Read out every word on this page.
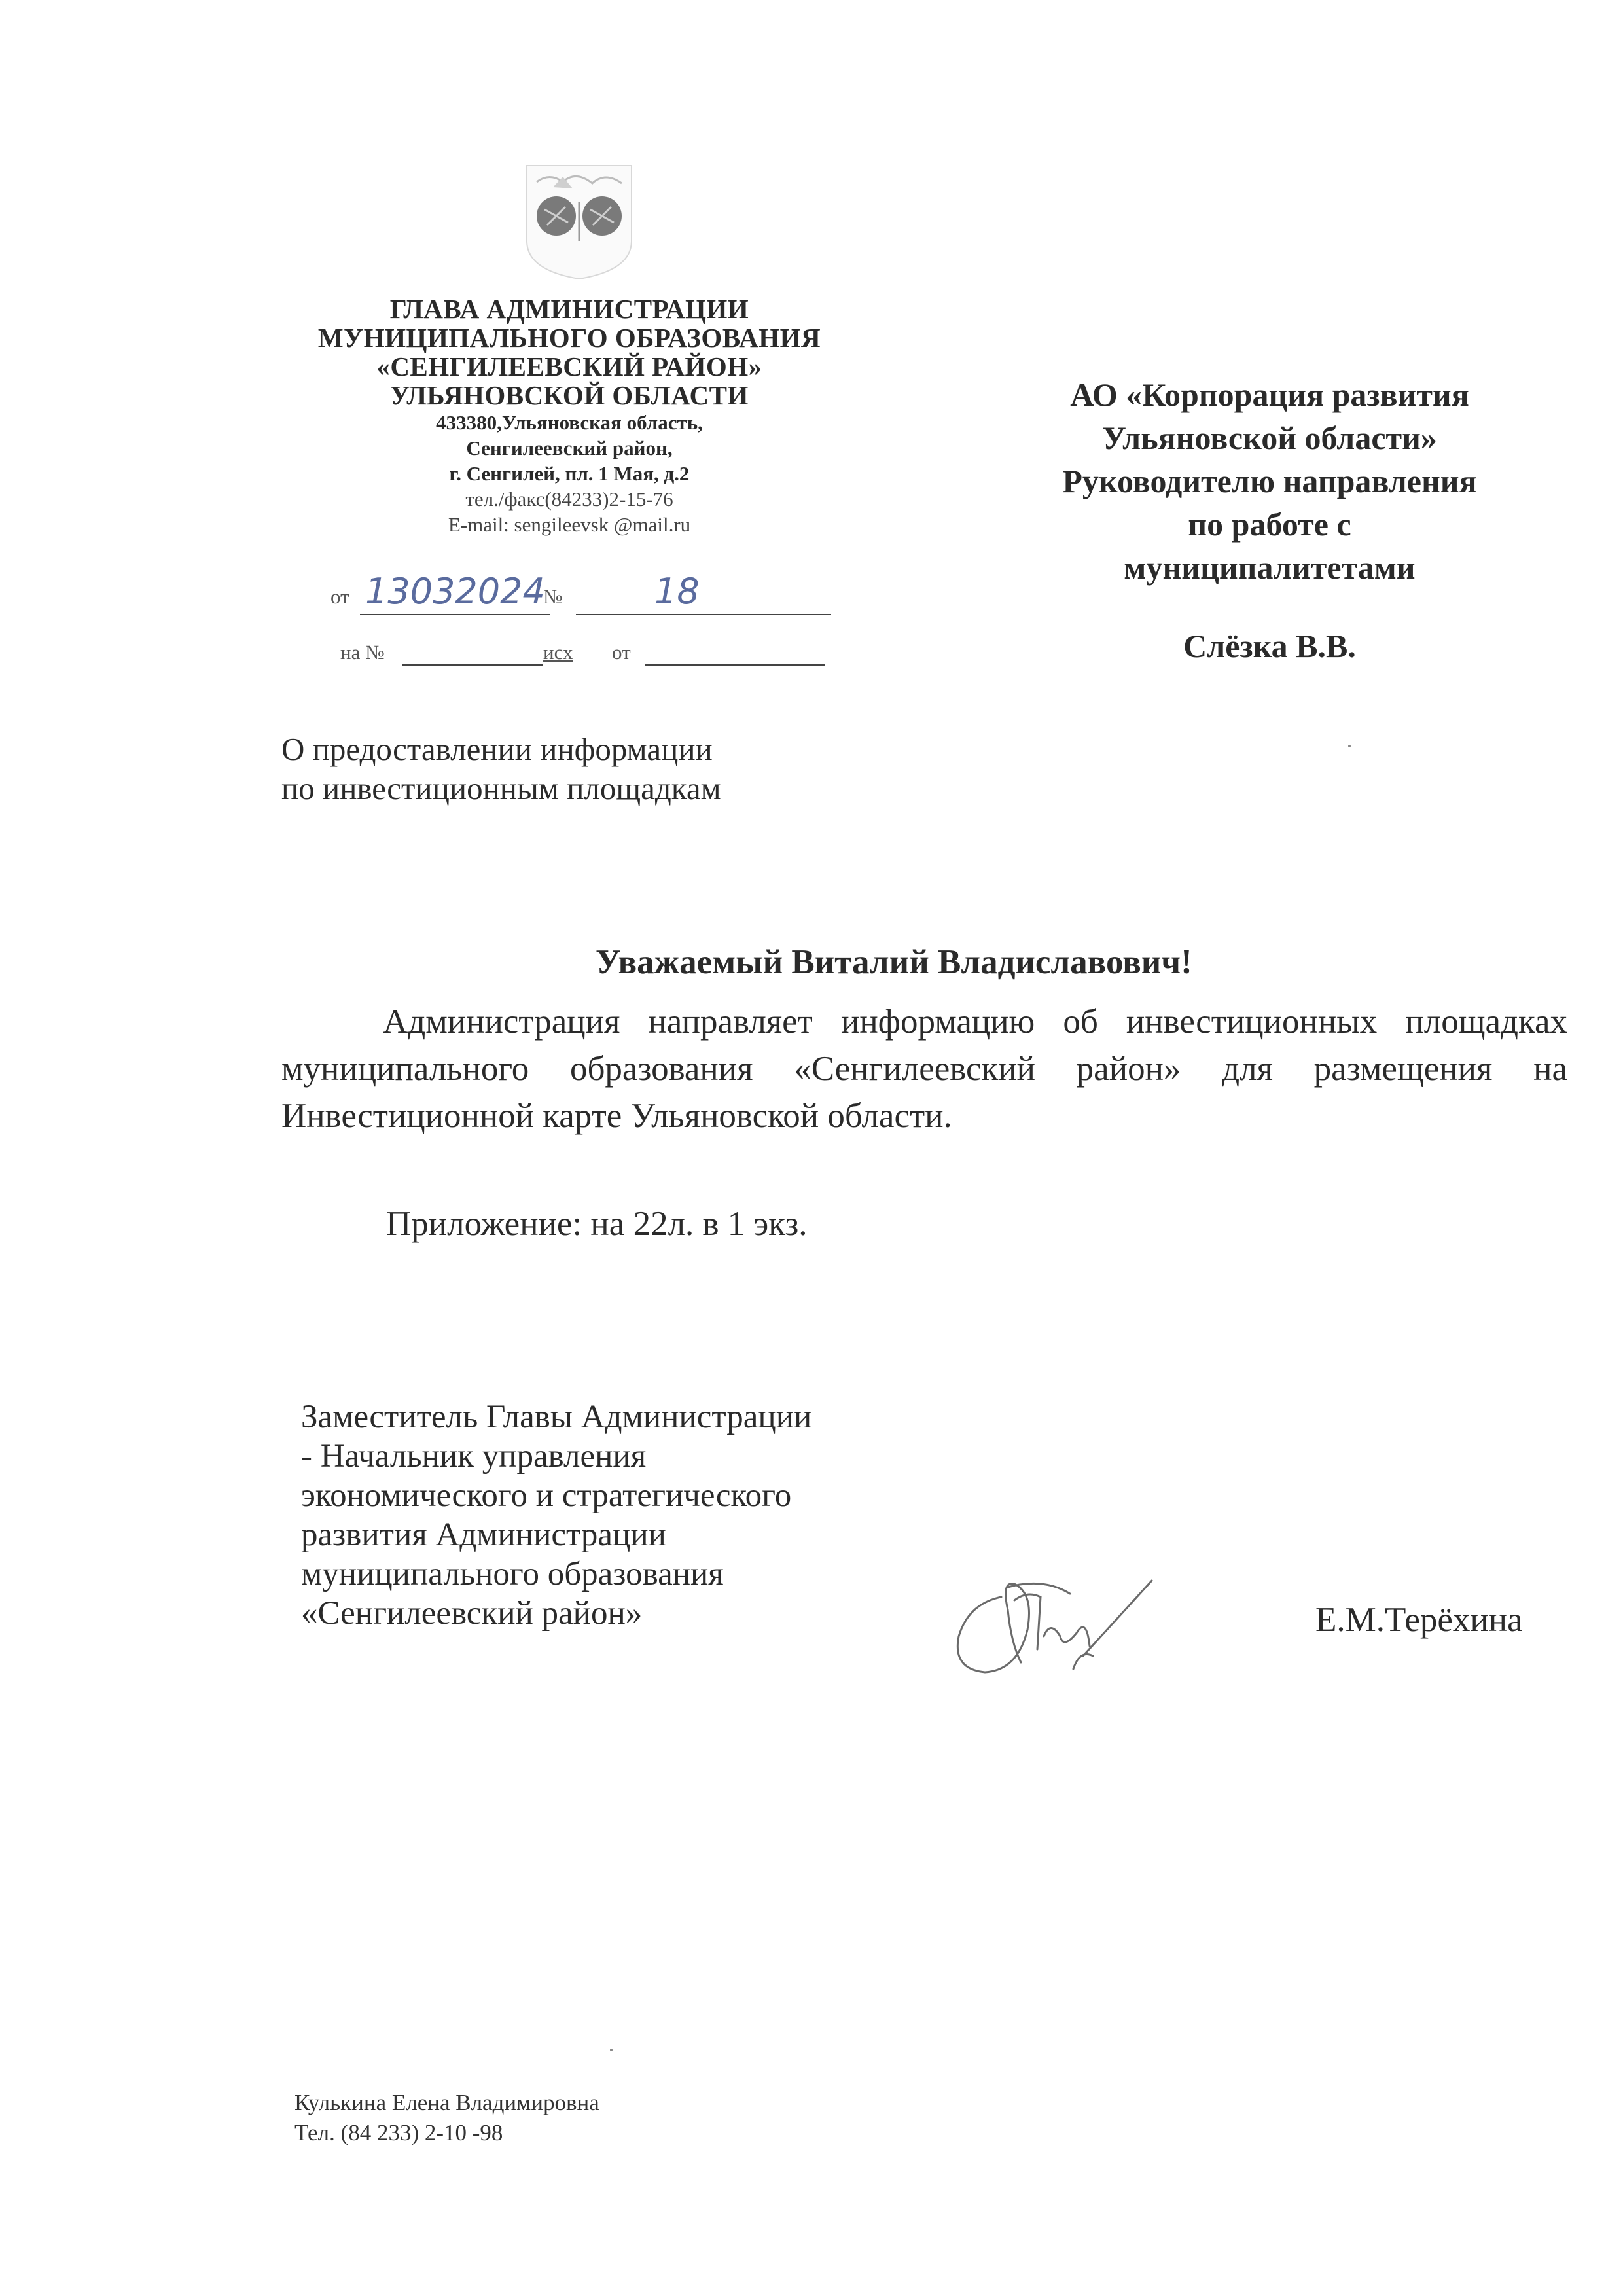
ГЛАВА АДМИНИСТРАЦИИ
МУНИЦИПАЛЬНОГО ОБРАЗОВАНИЯ
«СЕНГИЛЕЕВСКИЙ РАЙОН»
УЛЬЯНОВСКОЙ ОБЛАСТИ
433380,Ульяновская область,
Сенгилеевский район,
г. Сенгилей, пл. 1 Мая, д.2
тел./факс(84233)2-15-76
E-mail: sengileevsk @mail.ru
от 13032024
№	18
на №	исх от
АО «Корпорация развития
Ульяновской области»
Руководителю направления
по работе с
муниципалитетами
Слёзка В.В.
О предоставлении информации
по инвестиционным площадкам
Уважаемый Виталий Владиславович!

Администрация направляет информацию об инвестиционных площадках муниципального образования «Сенгилеевский район» для размещения на Инвестиционной карте Ульяновской области.

Приложение: на 22л. в 1 экз.
Заместитель Главы Администрации
- Начальник управления
экономического и стратегического
развития Администрации
муниципального образования
«Сенгилеевский район»	Е.М.Терёхина
Кулькина Елена Владимировна
Тел. (84 233) 2-10 -98
